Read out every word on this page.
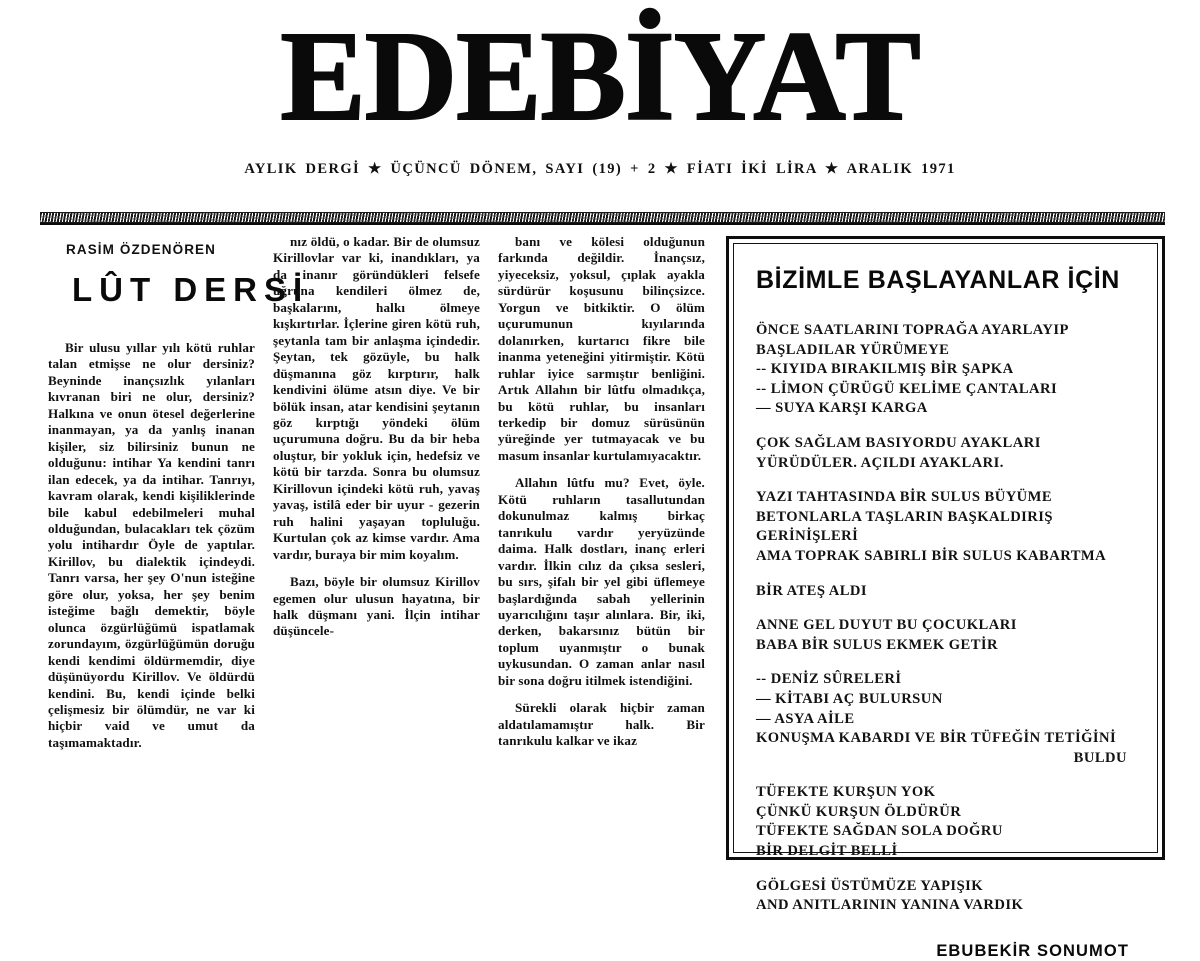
EDEBİYAT
AYLIK DERGİ ★ ÜÇÜNCÜ DÖNEM, SAYI (19) + 2 ★ FİATI İKİ LİRA ★ ARALIK 1971
RASİM ÖZDENÖREN
LÛT DERSİ

Bir ulusu yıllar yılı kötü ruhlar talan etmişse ne olur dersiniz? Beyninde inançsızlık yılanları kıvranan biri ne olur, dersiniz? Halkına ve onun ötesel değerlerine inanmayan, ya da yanlış inanan kişiler, siz bilirsiniz bunun ne olduğunu: intihar Ya kendini tanrı ilan edecek, ya da intihar. Tanrıyı, kavram olarak, kendi kişiliklerinde bile kabul edebilmeleri muhal olduğundan, bulacakları tek çözüm yolu intihardır Öyle de yaptılar. Kirillov, bu dialektik içindeydi. Tanrı varsa, her şey O'nun isteğine göre olur, yoksa, her şey benim isteğime bağlı demektir, böyle olunca özgürlüğümü ispatlamak zorundayım, özgürlüğümün doruğu kendi kendimi öldürmemdir, diye düşünüyordu Kirillov. Ve öldürdü kendini. Bu, kendi içinde belki çelişmesiz bir ölümdür, ne var ki hiçbir vaid ve umut da taşımamaktadır.

nız öldü, o kadar. Bir de olumsuz Kirillovlar var ki, inandıkları, ya da inanır göründükleri felsefe uğruna kendileri ölmez de, başkalarını, halkı ölmeye kışkırtırlar. İçlerine giren kötü ruh, şeytanla tam bir anlaşma içindedir. Şeytan, tek gözüyle, bu halk düşmanına göz kırptırır, halk kendivini ölüme atsın diye. Ve bir bölük insan, atar kendisini şeytanın göz kırptığı yöndeki ölüm uçurumuna doğru. Bu da bir heba oluştur, bir yokluk için, hedefsiz ve kötü bir tarzda. Sonra bu olumsuz Kirillovun içindeki kötü ruh, yavaş yavaş, istilâ eder bir uyur - gezerin ruh halini yaşayan topluluğu. Kurtulan çok az kimse vardır. Ama vardır, buraya bir mim koyalım.

Bazı, böyle bir olumsuz Kirillov egemen olur ulusun hayatına, bir halk düşmanı yani. İlçin intihar düşüncele-

banı ve kölesi olduğunun farkında değildir. İnançsız, yiyeceksiz, yoksul, çıplak ayakla sürdürür koşusunu bilinçsizce. Yorgun ve bitkiktir. O ölüm uçurumunun kıyılarında dolanırken, kurtarıcı fikre bile inanma yeteneğini yitirmiştir. Kötü ruhlar iyice sarmıştır benliğini. Artık Allahın bir lûtfu olmadıkça, bu kötü ruhlar, bu insanları terkedip bir domuz sürüsünün yüreğinde yer tutmayacak ve bu masum insanlar kurtulamıyacaktır.

Allahın lûtfu mu? Evet, öyle. Kötü ruhların tasallutundan dokunulmaz kalmış birkaç tanrıkulu vardır yeryüzünde daima. Halk dostları, inanç erleri vardır. İlkin cılız da çıksa sesleri, bu sırs, şifalı bir yel gibi üflemeye başlardığında sabah yellerinin uyarıcılığını taşır alınlara. Bir, iki, derken, bakarsınız bütün bir toplum uyanmıştır o bunak uykusundan. O zaman anlar nasıl bir sona doğru itilmek istendiğini.

Sürekli olarak hiçbir zaman aldatılamamıştır halk. Bir tanrıkulu kalkar ve ikaz

BİZİMLE BAŞLAYANLAR İÇİN
ÖNCE SAATLARINI TOPRAĞA AYARLAYIP
BAŞLADILAR YÜRÜMEYE
-- KIYIDA BIRAKILMIŞ BİR ŞAPKA
-- LİMON ÇÜRÜGÜ KELİME ÇANTALARI
— SUYA KARŞI KARGA
ÇOK SAĞLAM BASIYORDU AYAKLARI
YÜRÜDÜLER. AÇILDI AYAKLARI.
YAZI TAHTASINDA BİR SULUS BÜYÜME
BETONLARLA TAŞLARIN BAŞKALDIRIŞ GERİNİŞLERİ
AMA TOPRAK SABIRLI BİR SULUS KABARTMA
BİR ATEŞ ALDI
ANNE GEL DUYUT BU ÇOCUKLARI
BABA BİR SULUS EKMEK GETİR
-- DENİZ SÛRELERİ
— KİTABI AÇ BULURSUN
— ASYA AİLE
KONUŞMA KABARDI VE BİR TÜFEĞİN TETİĞİNİ
BULDU
TÜFEKTE KURŞUN YOK
ÇÜNKÜ KURŞUN ÖLDÜRÜR
TÜFEKTE SAĞDAN SOLA DOĞRU
BİR DELGİT BELLİ
GÖLGESİ ÜSTÜMÜZE YAPIŞIK
AND ANITLARININ YANINA VARDIK
EBUBEKİR SONUMOT
